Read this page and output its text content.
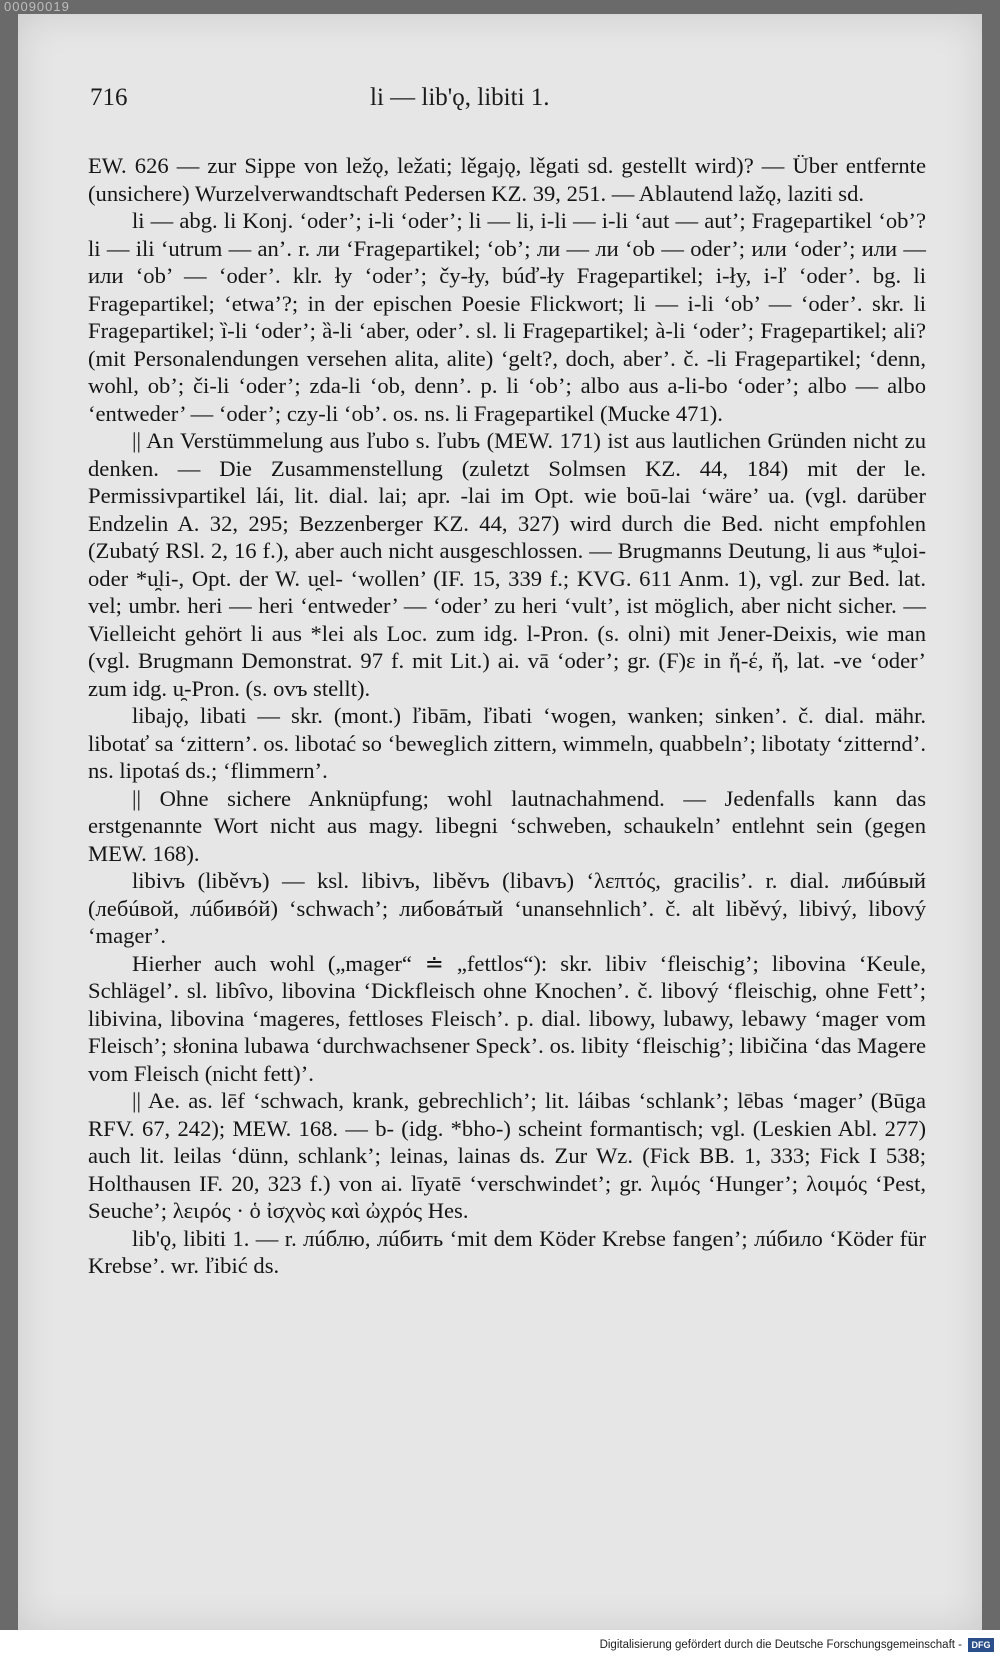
00090019
716	li — lib'ǫ, libiti 1.

EW. 626 — zur Sippe von ležǫ, ležati; lěgajǫ, lěgati sd. gestellt wird)? — Über entfernte (unsichere) Wurzelverwandtschaft Pedersen KZ. 39, 251. — Ablautend lažǫ, laziti sd.

li — abg. li Konj. ‘oder’; i-li ‘oder’; li — li, i-li — i-li ‘aut — aut’; Fragepartikel ‘ob’? li — ili ‘utrum — an’. r. ли ‘Fragepartikel; ‘ob’; ли — ли ‘ob — oder’; или ‘oder’; или — или ‘ob’ — ‘oder’. klr. ły ‘oder’; čy-ły, búď-ły Fragepartikel; i-ły, i-ľ ‘oder’. bg. li Fragepartikel; ‘etwa’?; in der epischen Poesie Flickwort; li — i-li ‘ob’ — ‘oder’. skr. li Fragepartikel; ȉ-li ‘oder’; ȁ-li ‘aber, oder’. sl. li Fragepartikel; à-li ‘oder’; Fragepartikel; ali? (mit Personalendungen versehen alita, alite) ‘gelt?, doch, aber’. č. -li Fragepartikel; ‘denn, wohl, ob’; či-li ‘oder’; zda-li ‘ob, denn’. p. li ‘ob’; albo aus a-li-bo ‘oder’; albo — albo ‘entweder’ — ‘oder’; czy-li ‘ob’. os. ns. li Fragepartikel (Mucke 471).

|| An Verstümmelung aus ľubo s. ľubъ (MEW. 171) ist aus lautlichen Gründen nicht zu denken. — Die Zusammenstellung (zuletzt Solmsen KZ. 44, 184) mit der le. Permissivpartikel lái, lit. dial. lai; apr. -lai im Opt. wie boū-lai ‘wäre’ ua. (vgl. darüber Endzelin A. 32, 295; Bezzenberger KZ. 44, 327) wird durch die Bed. nicht empfohlen (Zubatý RSl. 2, 16 f.), aber auch nicht ausgeschlossen. — Brugmanns Deutung, li aus *u̯loi- oder *u̯li-, Opt. der W. u̯el- ‘wollen’ (IF. 15, 339 f.; KVG. 611 Anm. 1), vgl. zur Bed. lat. vel; umbr. heri — heri ‘entweder’ — ‘oder’ zu heri ‘vult’, ist möglich, aber nicht sicher. — Vielleicht gehört li aus *lei als Loc. zum idg. l-Pron. (s. olni) mit Jener-Deixis, wie man (vgl. Brugmann Demonstrat. 97 f. mit Lit.) ai. vā ‘oder’; gr. (Ϝ)ε in ἤ-έ, ἤ, lat. -ve ‘oder’ zum idg. u̯-Pron. (s. ovъ stellt).

libajǫ, libati — skr. (mont.) ľibām, ľibati ‘wogen, wanken; sinken’. č. dial. mähr. libotať sa ‘zittern’. os. libotać so ‘beweglich zittern, wimmeln, quabbeln’; libotaty ‘zitternd’. ns. lipotaś ds.; ‘flimmern’.

|| Ohne sichere Anknüpfung; wohl lautnachahmend. — Jedenfalls kann das erstgenannte Wort nicht aus magy. libegni ‘schweben, schaukeln’ entlehnt sein (gegen MEW. 168).

libivъ (liběvъ) — ksl. libivъ, liběvъ (libavъ) ‘λεπτός, gracilis’. r. dial. либúвый (лебúвой, лúбивóй) ‘schwach’; либовáтый ‘unansehnlich’. č. alt liběvý, libivý, libový ‘mager’.

Hierher auch wohl („mager“ ≐ „fettlos“): skr. libiv ‘fleischig’; libovina ‘Keule, Schlägel’. sl. libîvo, libovina ‘Dickfleisch ohne Knochen’. č. libový ‘fleischig, ohne Fett’; libivina, libovina ‘mageres, fettloses Fleisch’. p. dial. libowy, lubawy, lebawy ‘mager vom Fleisch’; słonina lubawa ‘durchwachsener Speck’. os. libity ‘fleischig’; libičina ‘das Magere vom Fleisch (nicht fett)’.

|| Ae. as. lēf ‘schwach, krank, gebrechlich’; lit. láibas ‘schlank’; lēbas ‘mager’ (Būga RFV. 67, 242); MEW. 168. — b- (idg. *bho-) scheint formantisch; vgl. (Leskien Abl. 277) auch lit. leilas ‘dünn, schlank’; leinas, lainas ds. Zur Wz. (Fick BB. 1, 333; Fick I 538; Holthausen IF. 20, 323 f.) von ai. līyatē ‘verschwindet’; gr. λιμός ‘Hunger’; λοιμός ‘Pest, Seuche’; λειρός · ὁ ἰσχνὸς καὶ ὠχρός Hes.

lib'ǫ, libiti 1. — r. лúблю, лúбить ‘mit dem Köder Krebse fangen’; лúбило ‘Köder für Krebse’. wr. ľibić ds.

Digitalisierung gefördert durch die Deutsche Forschungsgemeinschaft -	DFG
